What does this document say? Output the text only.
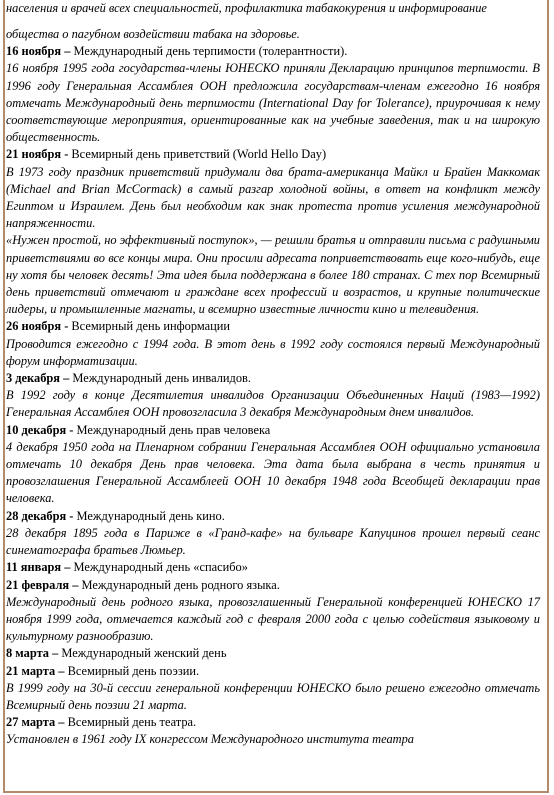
населения и врачей всех специальностей, профилактика табакокурения и информирование

общества о пагубном воздействии табака на здоровье.

16 ноября – Международный день терпимости (толерантности).

16 ноября 1995 года государства-члены ЮНЕСКО приняли Декларацию принципов терпимости. В 1996 году Генеральная Ассамблея ООН предложила государствам-членам ежегодно 16 ноября отмечать Международный день терпимости (International Day for Tolerance), приурочивая к нему соответствующие мероприятия, ориентированные как на учебные заведения, так и на широкую общественность.

21 ноября - Всемирный день приветствий (World Hello Day)

В 1973 году праздник приветствий придумали два брата-американца Майкл и Брайен Маккомак (Michael and Brian McCormack) в самый разгар холодной войны, в ответ на конфликт между Египтом и Израилем. День был необходим как знак протеста против усиления международной напряженности.

«Нужен простой, но эффективный поступок», — решили братья и отправили письма с радушными приветствиями во все концы мира. Они просили адресата поприветствовать еще кого-нибудь, еще ну хотя бы человек десять! Эта идея была поддержана в более 180 странах. С тех пор Всемирный день приветствий отмечают и граждане всех профессий и возрастов, и крупные политические лидеры, и промышленные магнаты, и всемирно известные личности кино и телевидения.

26 ноября - Всемирный день информации

Проводится ежегодно с 1994 года. В этот день в 1992 году состоялся первый Международный форум информатизации.

3 декабря – Международный день инвалидов.

В 1992 году в конце Десятилетия инвалидов Организации Объединенных Наций (1983—1992) Генеральная Ассамблея ООН провозгласила 3 декабря Международным днем инвалидов.

10 декабря - Международный день прав человека

4 декабря 1950 года на Пленарном собрании Генеральная Ассамблея ООН официально установила отмечать 10 декабря День прав человека. Эта дата была выбрана в честь принятия и провозглашения Генеральной Ассамблеей ООН 10 декабря 1948 года Всеобщей декларации прав человека.

28 декабря - Международный день кино.

28 декабря 1895 года в Париже в «Гранд-кафе» на бульваре Капуцинов прошел первый сеанс синематографа братьев Люмьер.

11 января – Международный день «спасибо»

21 февраля – Международный день родного языка.

Международный день родного языка, провозглашенный Генеральной конференцией ЮНЕСКО 17 ноября 1999 года, отмечается каждый год с февраля 2000 года с целью содействия языковому и культурному разнообразию.

8 марта – Международный женский день

21 марта – Всемирный день поэзии.

В 1999 году на 30-й сессии генеральной конференции ЮНЕСКО было решено ежегодно отмечать Всемирный день поэзии 21 марта.

27 марта – Всемирный день театра.

Установлен в 1961 году IX конгрессом Международного института театра
